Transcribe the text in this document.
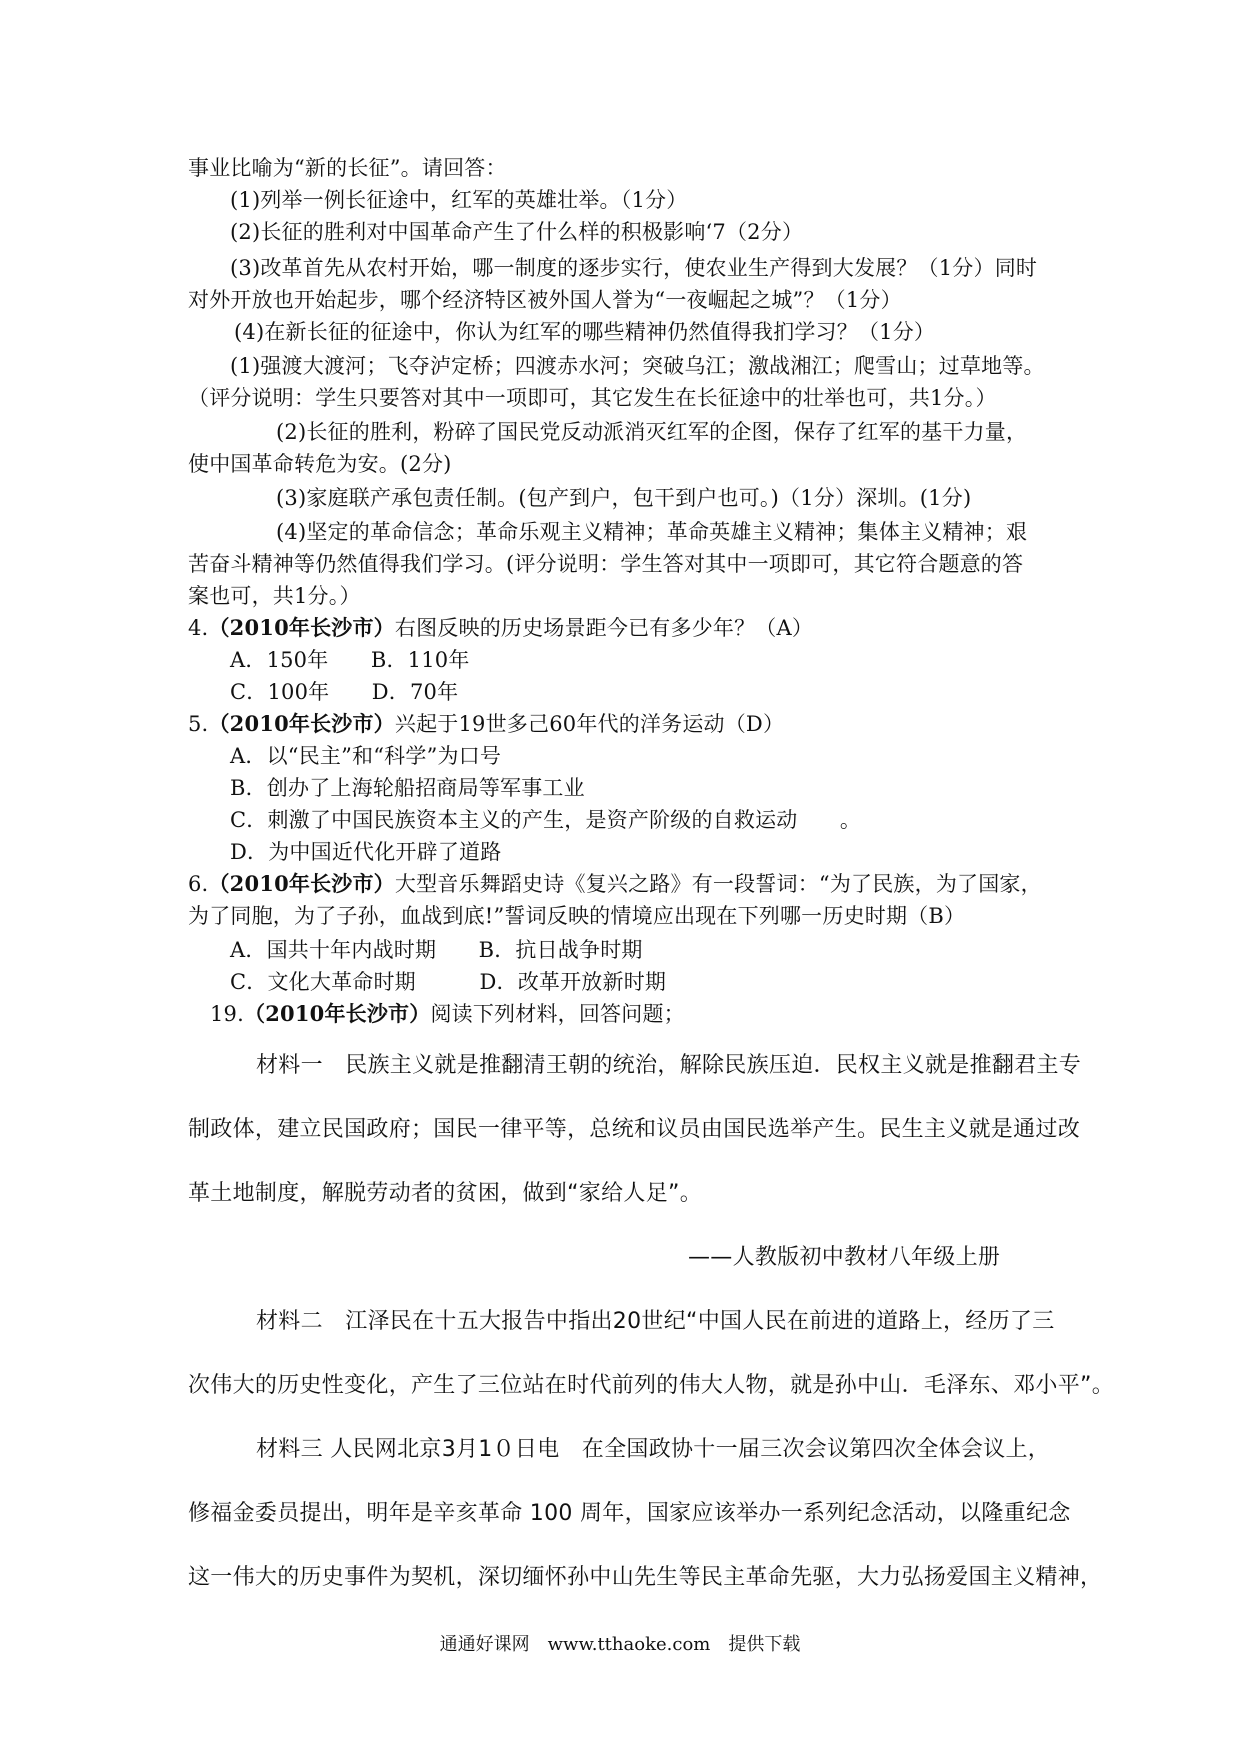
事业比喻为“新的长征”。请回答：
(1)列举一例长征途中，红军的英雄壮举。（1分）
(2)长征的胜利对中国革命产生了什么样的积极影响‘7（2分）
(3)改革首先从农村开始，哪一制度的逐步实行，使农业生产得到大发展？（1分）同时
对外开放也开始起步，哪个经济特区被外国人誉为“一夜崛起之城”？（1分）
(4)在新长征的征途中，你认为红军的哪些精神仍然值得我扪学习？（1分）
(1)强渡大渡河；飞夺泸定桥；四渡赤水河；突破乌江；激战湘江；爬雪山；过草地等。
（评分说明：学生只要答对其中一项即可，其它发生在长征途中的壮举也可，共1分。）
(2)长征的胜利，粉碎了国民党反动派消灭红军的企图，保存了红军的基干力量，
使中国革命转危为安。(2分)
(3)家庭联产承包责任制。(包产到户，包干到户也可。)（1分）深圳。(1分)
(4)坚定的革命信念；革命乐观主义精神；革命英雄主义精神；集体主义精神；艰
苦奋斗精神等仍然值得我们学习。(评分说明：学生答对其中一项即可，其它符合题意的答
案也可，共1分。）
4.（2010年长沙市）右图反映的历史场景距今已有多少年？（A）
A．150年　　B．110年
C．100年　　D．70年
5.（2010年长沙市）兴起于19世多己60年代的洋务运动（D）
A．以“民主”和“科学”为口号
B．创办了上海轮船招商局等军事工业
C．刺激了中国民族资本主义的产生，是资产阶级的自救运动　　。
D．为中国近代化开辟了道路
6.（2010年长沙市）大型音乐舞蹈史诗《复兴之路》有一段誓词：“为了民族，为了国家，
为了同胞，为了子孙，血战到底!”誓词反映的情境应出现在下列哪一历史时期（B）
A．国共十年内战时期　　B．抗日战争时期
C．文化大革命时期　　　D．改革开放新时期
19.（2010年长沙市）阅读下列材料，回答问题；
材料一　民族主义就是推翻清王朝的统治，解除民族压迫．民权主义就是推翻君主专
制政体，建立民国政府；国民一律平等，总统和议员由国民选举产生。民生主义就是通过改
革土地制度，解脱劳动者的贫困，做到“家给人足”。
——人教版初中教材八年级上册
材料二　江泽民在十五大报告中指出20世纪“中国人民在前进的道路上，经历了三
次伟大的历史性变化，产生了三位站在时代前列的伟大人物，就是孙中山．毛泽东、邓小平”。
材料三 人民网北京3月1０日电　在全国政协十一届三次会议第四次全体会议上，
修福金委员提出，明年是辛亥革命 100 周年，国家应该举办一系列纪念活动，以隆重纪念
这一伟大的历史事件为契机，深切缅怀孙中山先生等民主革命先驱，大力弘扬爱国主义精神，
通通好课网　www.tthaoke.com　提供下载
